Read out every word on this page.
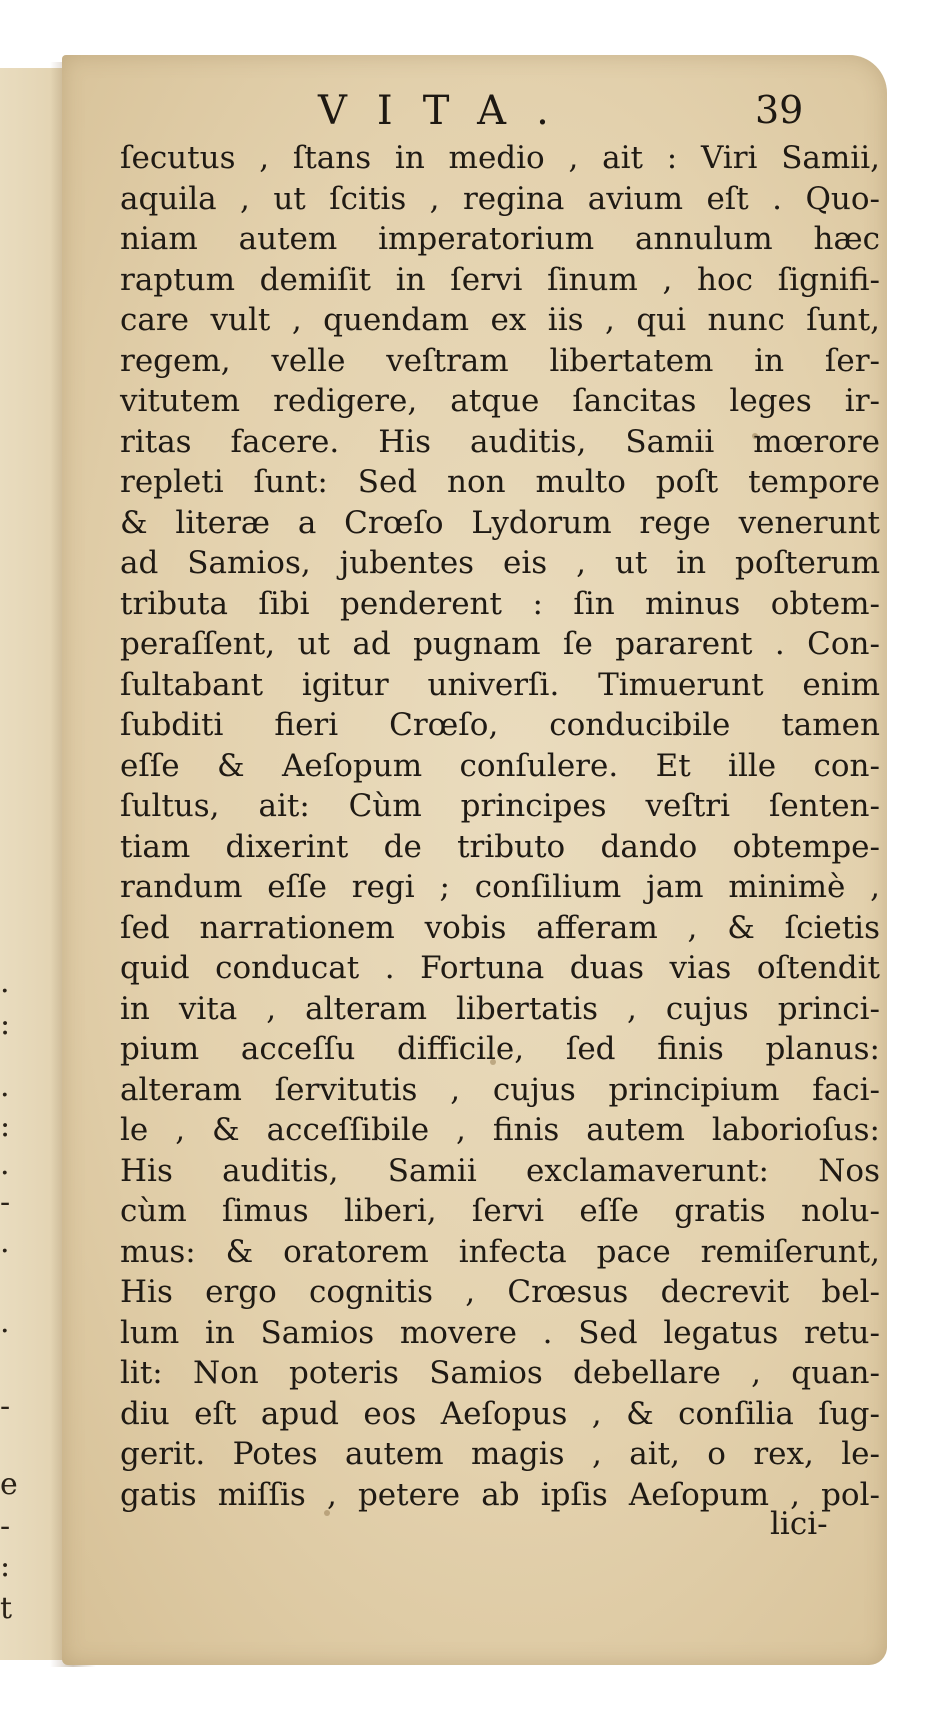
.
:
.
:
.
-
.
.
-
e
-
:
t
VITA.	39
ſecutus , ſtans in medio , ait : Viri Samii,
aquila , ut ſcitis , regina avium eſt . Quo-
niam autem imperatorium annulum hæc
raptum demiſit in ſervi ſinum , hoc ſignifi-
care vult , quendam ex iis , qui nunc ſunt,
regem, velle veſtram libertatem in ſer-
vitutem redigere, atque ſancitas leges ir-
ritas facere. His auditis, Samii mœrore
repleti ſunt: Sed non multo poſt tempore
& literæ a Crœſo Lydorum rege venerunt
ad Samios, jubentes eis , ut in poſterum
tributa ſibi penderent : ſin minus obtem-
peraſſent, ut ad pugnam ſe pararent . Con-
ſultabant igitur univerſi. Timuerunt enim
ſubditi fieri Crœſo, conducibile tamen
eſſe & Aeſopum conſulere. Et ille con-
ſultus, ait: Cùm principes veſtri ſenten-
tiam dixerint de tributo dando obtempe-
randum eſſe regi ; conſilium jam minimè ,
ſed narrationem vobis afferam , & ſcietis
quid conducat . Fortuna duas vias oſtendit
in vita , alteram libertatis , cujus princi-
pium acceſſu difficile, ſed finis planus:
alteram ſervitutis , cujus principium faci-
le , & acceſſibile , finis autem laborioſus:
His auditis, Samii exclamaverunt: Nos
cùm ſimus liberi, ſervi eſſe gratis nolu-
mus: & oratorem infecta pace remiſerunt,
His ergo cognitis , Crœsus decrevit bel-
lum in Samios movere . Sed legatus retu-
lit: Non poteris Samios debellare , quan-
diu eſt apud eos Aeſopus , & conſilia ſug-
gerit. Potes autem magis , ait, o rex, le-
gatis miſſis , petere ab ipſis Aeſopum , pol-
lici-
